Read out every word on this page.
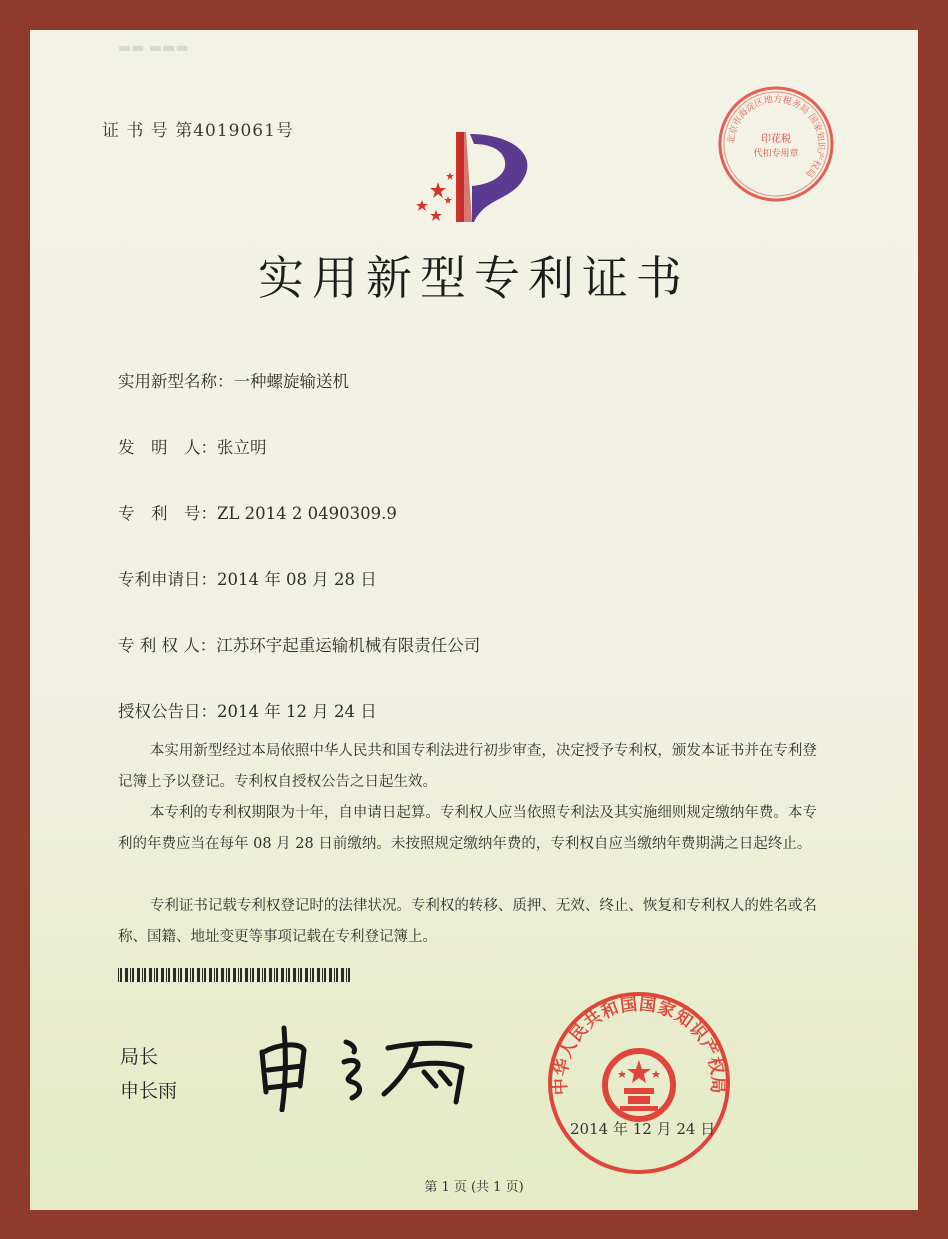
▬▬ ▬▬▬
北京市海淀区地方税务局 国家知识产权局
印花税
代扣专用章
证 书 号 第4019061号
实用新型专利证书
实用新型名称：一种螺旋输送机
发　明　人：张立明
专　利　号：ZL 2014 2 0490309.9
专利申请日：2014 年 08 月 28 日
专 利 权 人：江苏环宇起重运输机械有限责任公司
授权公告日：2014 年 12 月 24 日
本实用新型经过本局依照中华人民共和国专利法进行初步审查，决定授予专利权，颁发本证书并在专利登记簿上予以登记。专利权自授权公告之日起生效。
本专利的专利权期限为十年，自申请日起算。专利权人应当依照专利法及其实施细则规定缴纳年费。本专利的年费应当在每年 08 月 28 日前缴纳。未按照规定缴纳年费的，专利权自应当缴纳年费期满之日起终止。
专利证书记载专利权登记时的法律状况。专利权的转移、质押、无效、终止、恢复和专利权人的姓名或名称、国籍、地址变更等事项记载在专利登记簿上。
局长
申长雨	中华人民共和国国家知识产权局
2014 年 12 月 24 日
第 1 页 (共 1 页)
